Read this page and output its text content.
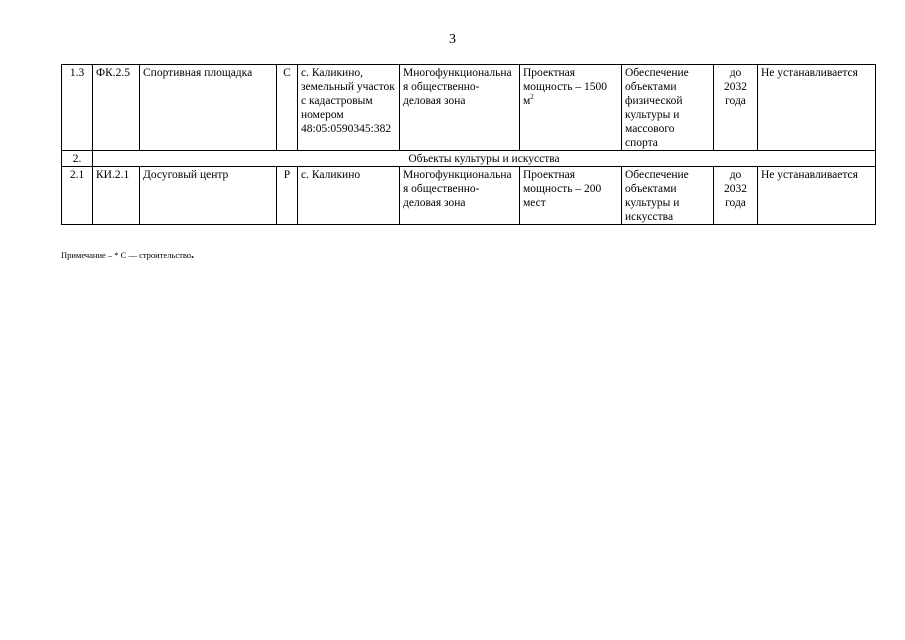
3
1.3	ФК.2.5	Спортивная площадка	С	с. Каликино, земельный участок с кадастровым номером 48:05:0590345:382	Многофункциональная общественно-деловая зона	Проектная мощность – 1500 $м^2$	Обеспечение объектами физической культуры и массового спорта	до 2032 года	Не устанавливается
2.	Объекты культуры и искусства								
2.1	КИ.2.1	Досуговый центр	Р	с. Каликино	Многофункциональная общественно-деловая зона	Проектная мощность – 200 мест	Обеспечение объектами культуры и искусства	до 2032 года	Не устанавливается
Примечание – * С — строительство.
